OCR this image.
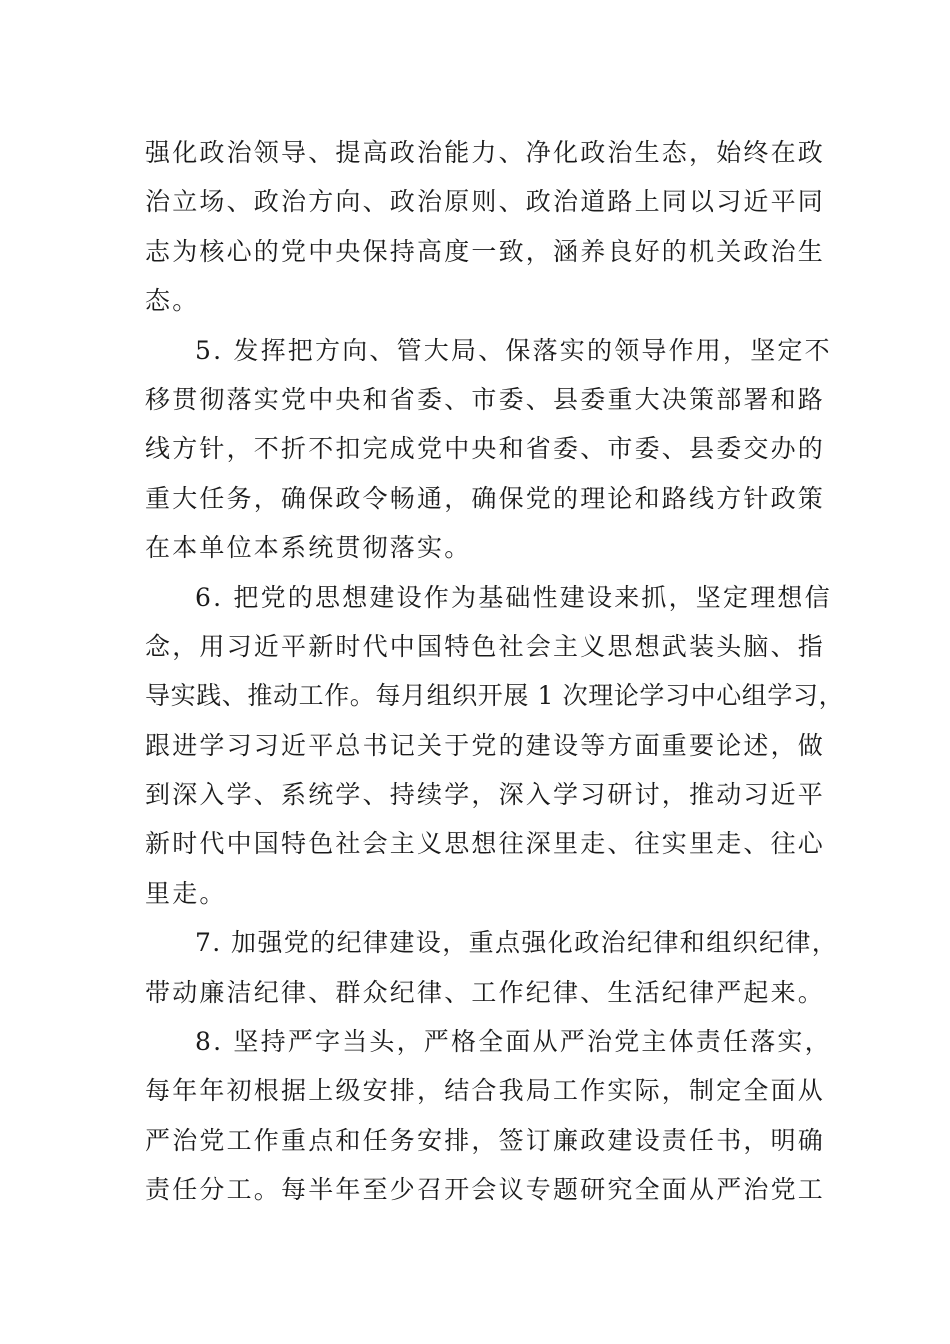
强化政治领导、提高政治能力、净化政治生态，始终在政
治立场、政治方向、政治原则、政治道路上同以习近平同
志为核心的党中央保持高度一致，涵养良好的机关政治生
态。
5. 发挥把方向、管大局、保落实的领导作用，坚定不
移贯彻落实党中央和省委、市委、县委重大决策部署和路
线方针，不折不扣完成党中央和省委、市委、县委交办的
重大任务，确保政令畅通，确保党的理论和路线方针政策
在本单位本系统贯彻落实。
6. 把党的思想建设作为基础性建设来抓，坚定理想信
念，用习近平新时代中国特色社会主义思想武装头脑、指
导实践、推动工作。每月组织开展 1 次理论学习中心组学习，
跟进学习习近平总书记关于党的建设等方面重要论述，做
到深入学、系统学、持续学，深入学习研讨，推动习近平
新时代中国特色社会主义思想往深里走、往实里走、往心
里走。
7. 加强党的纪律建设，重点强化政治纪律和组织纪律，
带动廉洁纪律、群众纪律、工作纪律、生活纪律严起来。
8. 坚持严字当头，严格全面从严治党主体责任落实，
每年年初根据上级安排，结合我局工作实际，制定全面从
严治党工作重点和任务安排，签订廉政建设责任书，明确
责任分工。每半年至少召开会议专题研究全面从严治党工
